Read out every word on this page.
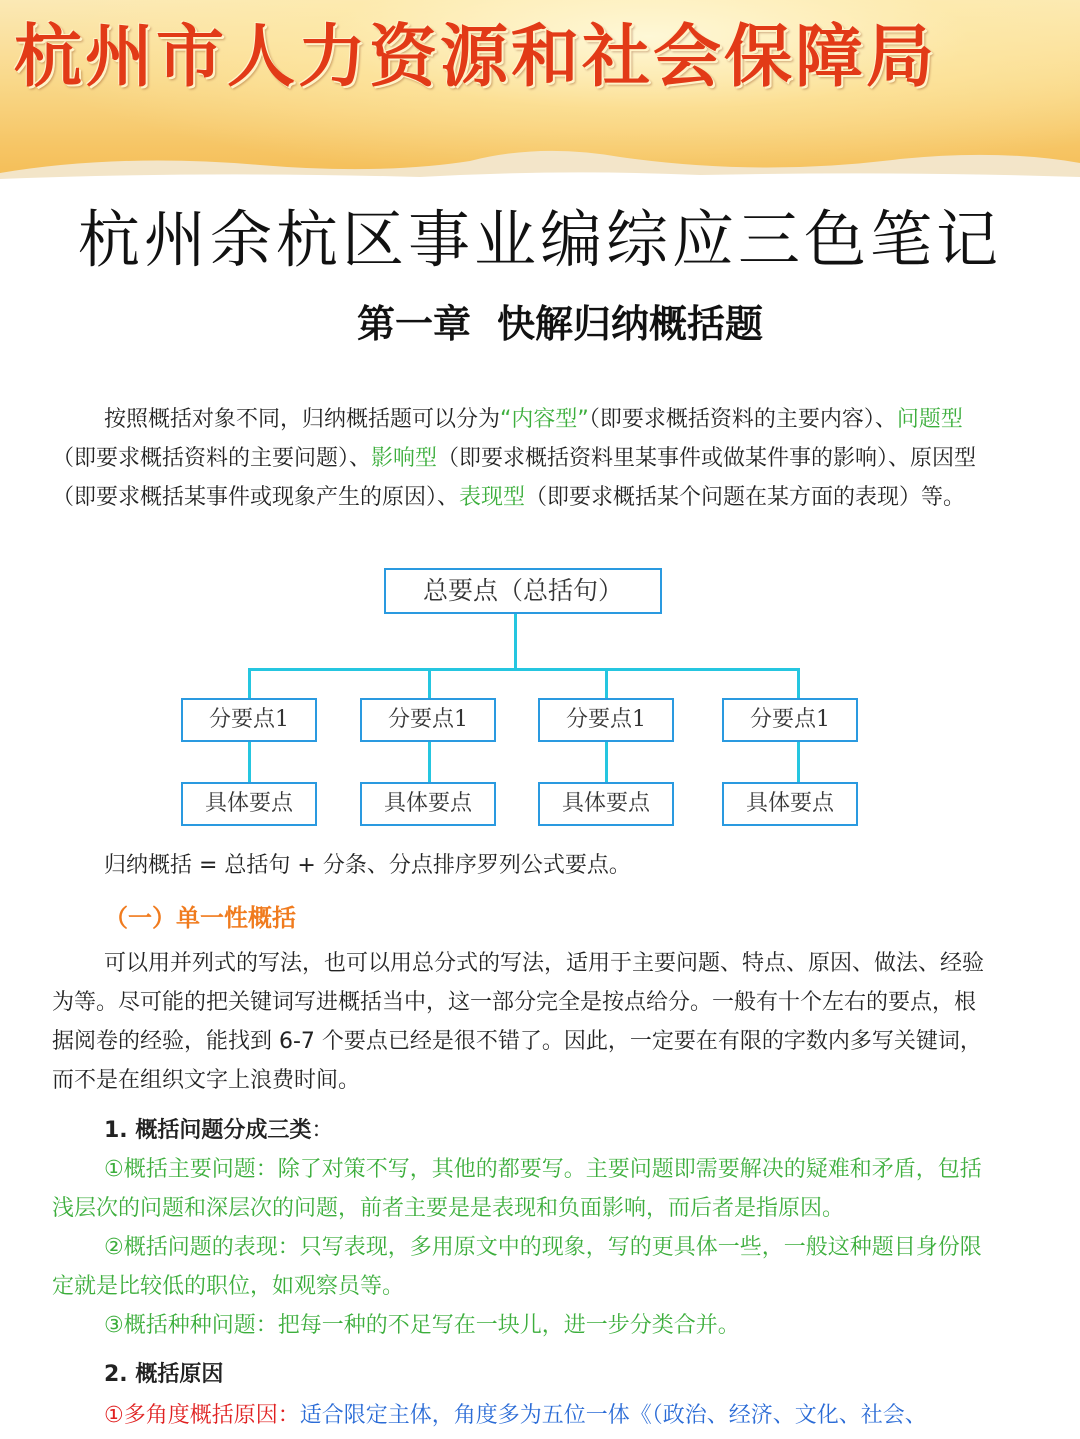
杭州市人力资源和社会保障局
杭州余杭区事业编综应三色笔记
第一章 快解归纳概括题
按照概括对象不同，归纳概括题可以分为“内容型”（即要求概括资料的主要内容）、问题型（即要求概括资料的主要问题）、影响型（即要求概括资料里某事件或做某件事的影响）、原因型（即要求概括某事件或现象产生的原因）、表现型（即要求概括某个问题在某方面的表现）等。
总要点（总括句）
分要点1	分要点1	分要点1	分要点1
具体要点	具体要点	具体要点	具体要点
归纳概括 = 总括句 + 分条、分点排序罗列公式要点。
（一）单一性概括
可以用并列式的写法，也可以用总分式的写法，适用于主要问题、特点、原因、做法、经验为等。尽可能的把关键词写进概括当中，这一部分完全是按点给分。一般有十个左右的要点，根据阅卷的经验，能找到 6-7 个要点已经是很不错了。因此，一定要在有限的字数内多写关键词，而不是在组织文字上浪费时间。
1. 概括问题分成三类：
①概括主要问题：除了对策不写，其他的都要写。主要问题即需要解决的疑难和矛盾，包括浅层次的问题和深层次的问题，前者主要是是表现和负面影响，而后者是指原因。
②概括问题的表现：只写表现，多用原文中的现象，写的更具体一些，一般这种题目身份限定就是比较低的职位，如观察员等。
③概括种种问题：把每一种的不足写在一块儿，进一步分类合并。
2. 概括原因
①多角度概括原因：适合限定主体，角度多为五位一体《（政治、经济、文化、社会、
